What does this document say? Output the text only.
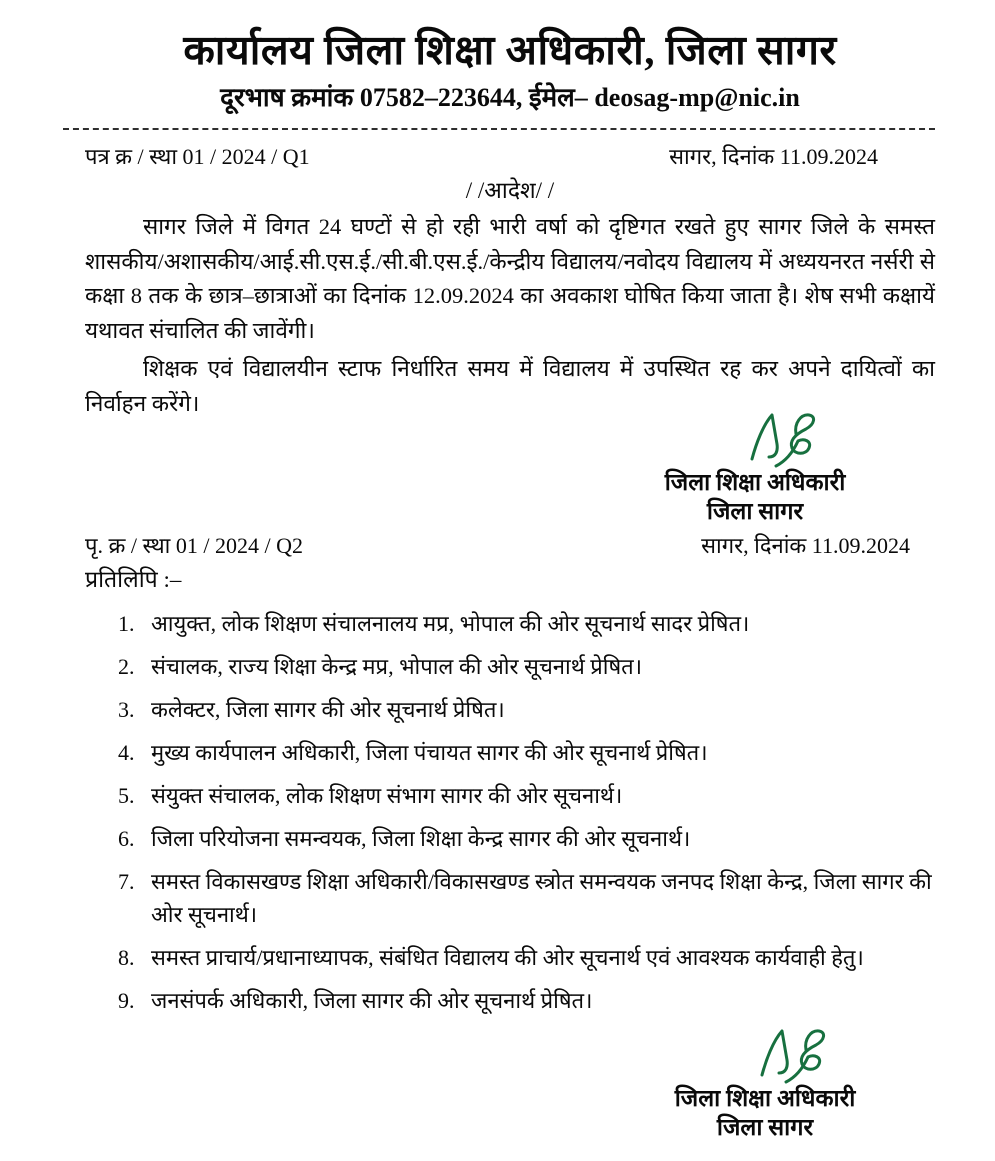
कार्यालय जिला शिक्षा अधिकारी, जिला सागर
दूरभाष क्रमांक 07582–223644, ईमेल– deosag-mp@nic.in
पत्र क्र / स्था 01 / 2024 / Q1	सागर, दिनांक 11.09.2024
/ /आदेश/ /

सागर जिले में विगत 24 घण्टों से हो रही भारी वर्षा को दृष्टिगत रखते हुए सागर जिले के समस्त शासकीय/अशासकीय/आई.सी.एस.ई./सी.बी.एस.ई./केन्द्रीय विद्यालय/नवोदय विद्यालय में अध्ययनरत नर्सरी से कक्षा 8 तक के छात्र–छात्राओं का दिनांक 12.09.2024 का अवकाश घोषित किया जाता है। शेष सभी कक्षायें यथावत संचालित की जावेंगी।

शिक्षक एवं विद्यालयीन स्टाफ निर्धारित समय में विद्यालय में उपस्थित रह कर अपने दायित्वों का निर्वाहन करेंगे।

जिला शिक्षा अधिकारी
जिला सागर
पृ. क्र / स्था 01 / 2024 / Q2	सागर, दिनांक 11.09.2024
प्रतिलिपि :–
1. आयुक्त, लोक शिक्षण संचालनालय मप्र, भोपाल की ओर सूचनार्थ सादर प्रेषित।
2. संचालक, राज्य शिक्षा केन्द्र मप्र, भोपाल की ओर सूचनार्थ प्रेषित।
3. कलेक्टर, जिला सागर की ओर सूचनार्थ प्रेषित।
4. मुख्य कार्यपालन अधिकारी, जिला पंचायत सागर की ओर सूचनार्थ प्रेषित।
5. संयुक्त संचालक, लोक शिक्षण संभाग सागर की ओर सूचनार्थ।
6. जिला परियोजना समन्वयक, जिला शिक्षा केन्द्र सागर की ओर सूचनार्थ।
7. समस्त विकासखण्ड शिक्षा अधिकारी/विकासखण्ड स्त्रोत समन्वयक जनपद शिक्षा केन्द्र, जिला सागर की ओर सूचनार्थ।
8. समस्त प्राचार्य/प्रधानाध्यापक, संबंधित विद्यालय की ओर सूचनार्थ एवं आवश्यक कार्यवाही हेतु।
9. जनसंपर्क अधिकारी, जिला सागर की ओर सूचनार्थ प्रेषित।
जिला शिक्षा अधिकारी
जिला सागर
